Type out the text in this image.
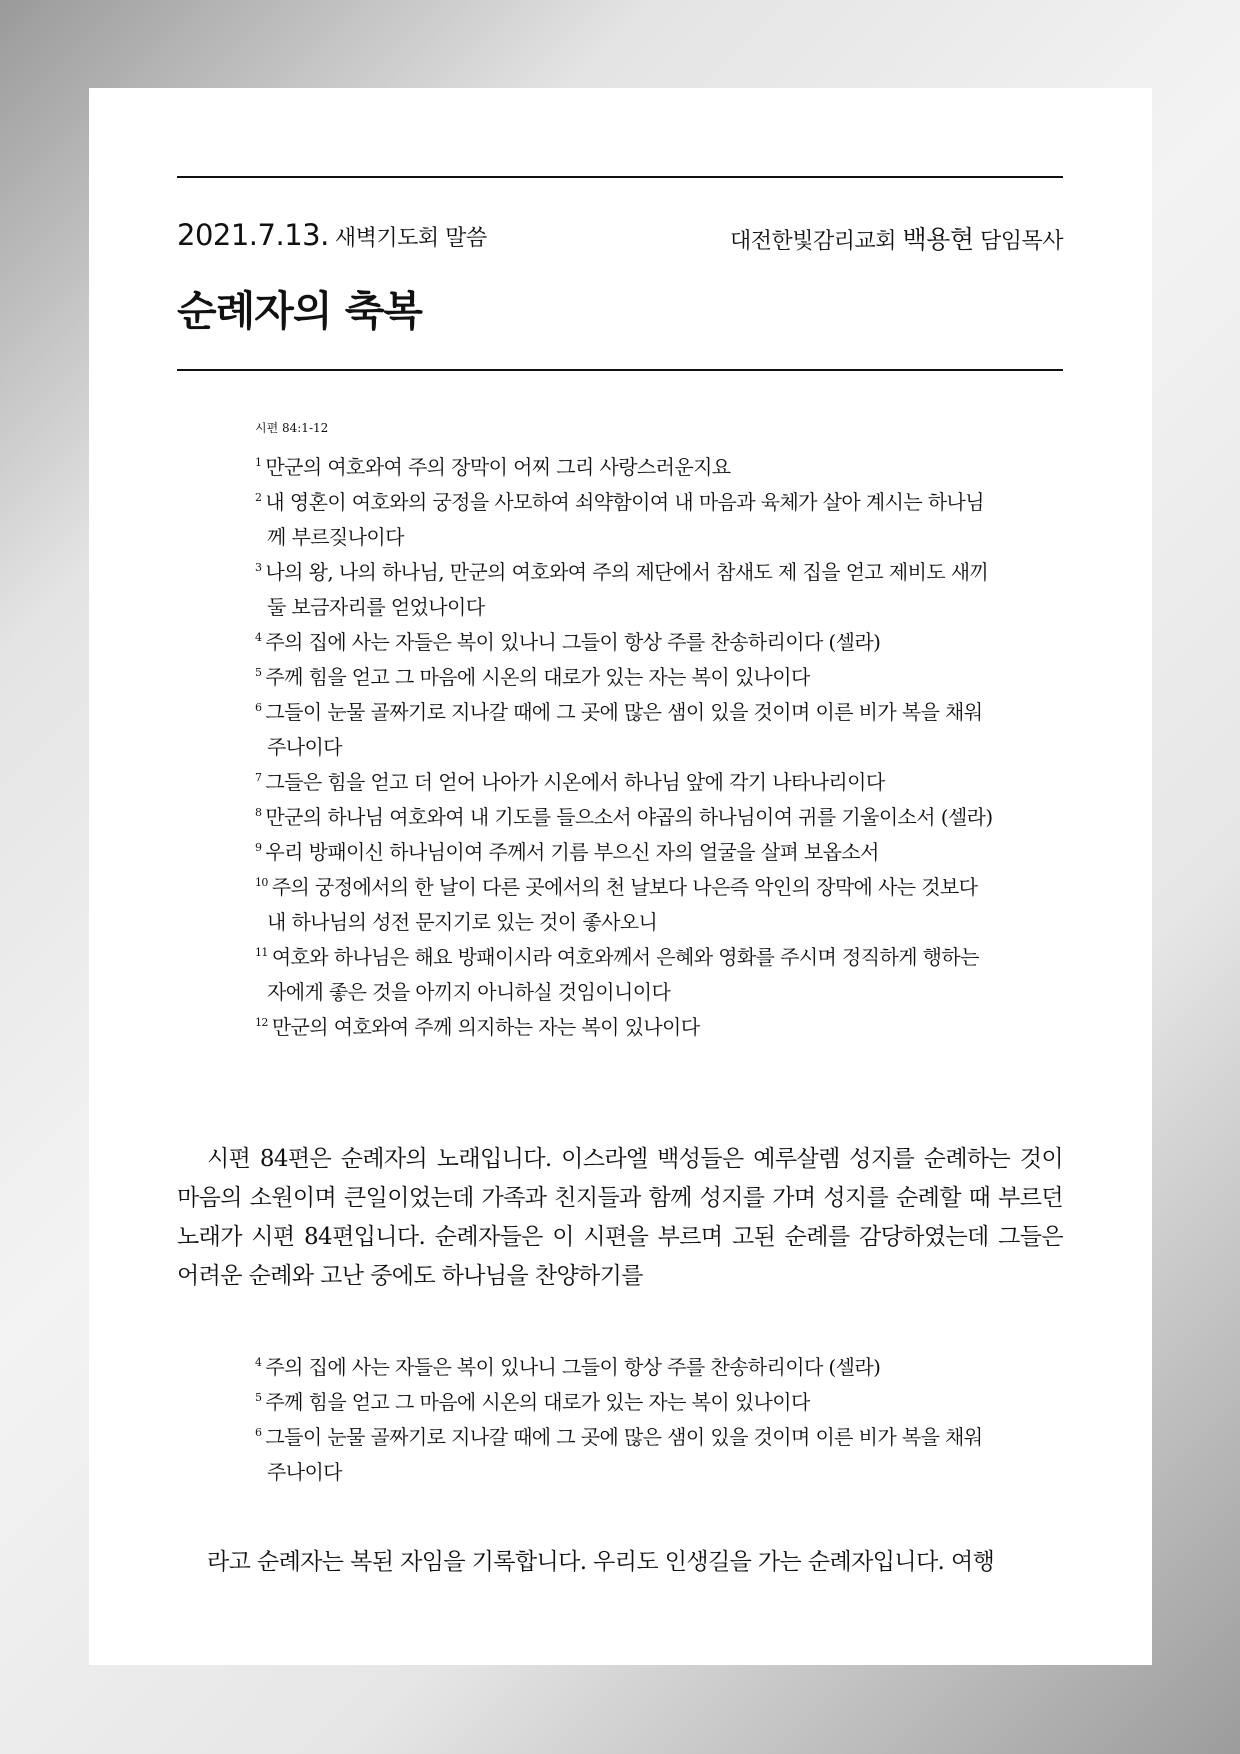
2021.7.13. 새벽기도회 말씀	대전한빛감리교회 백용현 담임목사
순례자의 축복

시편 84:1-12

$^1$ 만군의 여호와여 주의 장막이 어찌 그리 사랑스러운지요
$^2$ 내 영혼이 여호와의 궁정을 사모하여 쇠약함이여 내 마음과 육체가 살아 계시는 하나님께 부르짖나이다
$^3$ 나의 왕, 나의 하나님, 만군의 여호와여 주의 제단에서 참새도 제 집을 얻고 제비도 새끼 둘 보금자리를 얻었나이다
$^4$ 주의 집에 사는 자들은 복이 있나니 그들이 항상 주를 찬송하리이다 (셀라)
$^5$ 주께 힘을 얻고 그 마음에 시온의 대로가 있는 자는 복이 있나이다
$^6$ 그들이 눈물 골짜기로 지나갈 때에 그 곳에 많은 샘이 있을 것이며 이른 비가 복을 채워 주나이다
$^7$ 그들은 힘을 얻고 더 얻어 나아가 시온에서 하나님 앞에 각기 나타나리이다
$^8$ 만군의 하나님 여호와여 내 기도를 들으소서 야곱의 하나님이여 귀를 기울이소서 (셀라)
$^9$ 우리 방패이신 하나님이여 주께서 기름 부으신 자의 얼굴을 살펴 보옵소서
$^{10}$ 주의 궁정에서의 한 날이 다른 곳에서의 천 날보다 나은즉 악인의 장막에 사는 것보다 내 하나님의 성전 문지기로 있는 것이 좋사오니
$^{11}$ 여호와 하나님은 해요 방패이시라 여호와께서 은혜와 영화를 주시며 정직하게 행하는 자에게 좋은 것을 아끼지 아니하실 것임이니이다
$^{12}$ 만군의 여호와여 주께 의지하는 자는 복이 있나이다

시편 84편은 순례자의 노래입니다. 이스라엘 백성들은 예루살렘 성지를 순례하는 것이 마음의 소원이며 큰일이었는데 가족과 친지들과 함께 성지를 가며 성지를 순례할 때 부르던 노래가 시편 84편입니다. 순례자들은 이 시편을 부르며 고된 순례를 감당하였는데 그들은 어려운 순례와 고난 중에도 하나님을 찬양하기를

$^4$ 주의 집에 사는 자들은 복이 있나니 그들이 항상 주를 찬송하리이다 (셀라)
$^5$ 주께 힘을 얻고 그 마음에 시온의 대로가 있는 자는 복이 있나이다
$^6$ 그들이 눈물 골짜기로 지나갈 때에 그 곳에 많은 샘이 있을 것이며 이른 비가 복을 채워 주나이다

라고 순례자는 복된 자임을 기록합니다. 우리도 인생길을 가는 순례자입니다. 여행
